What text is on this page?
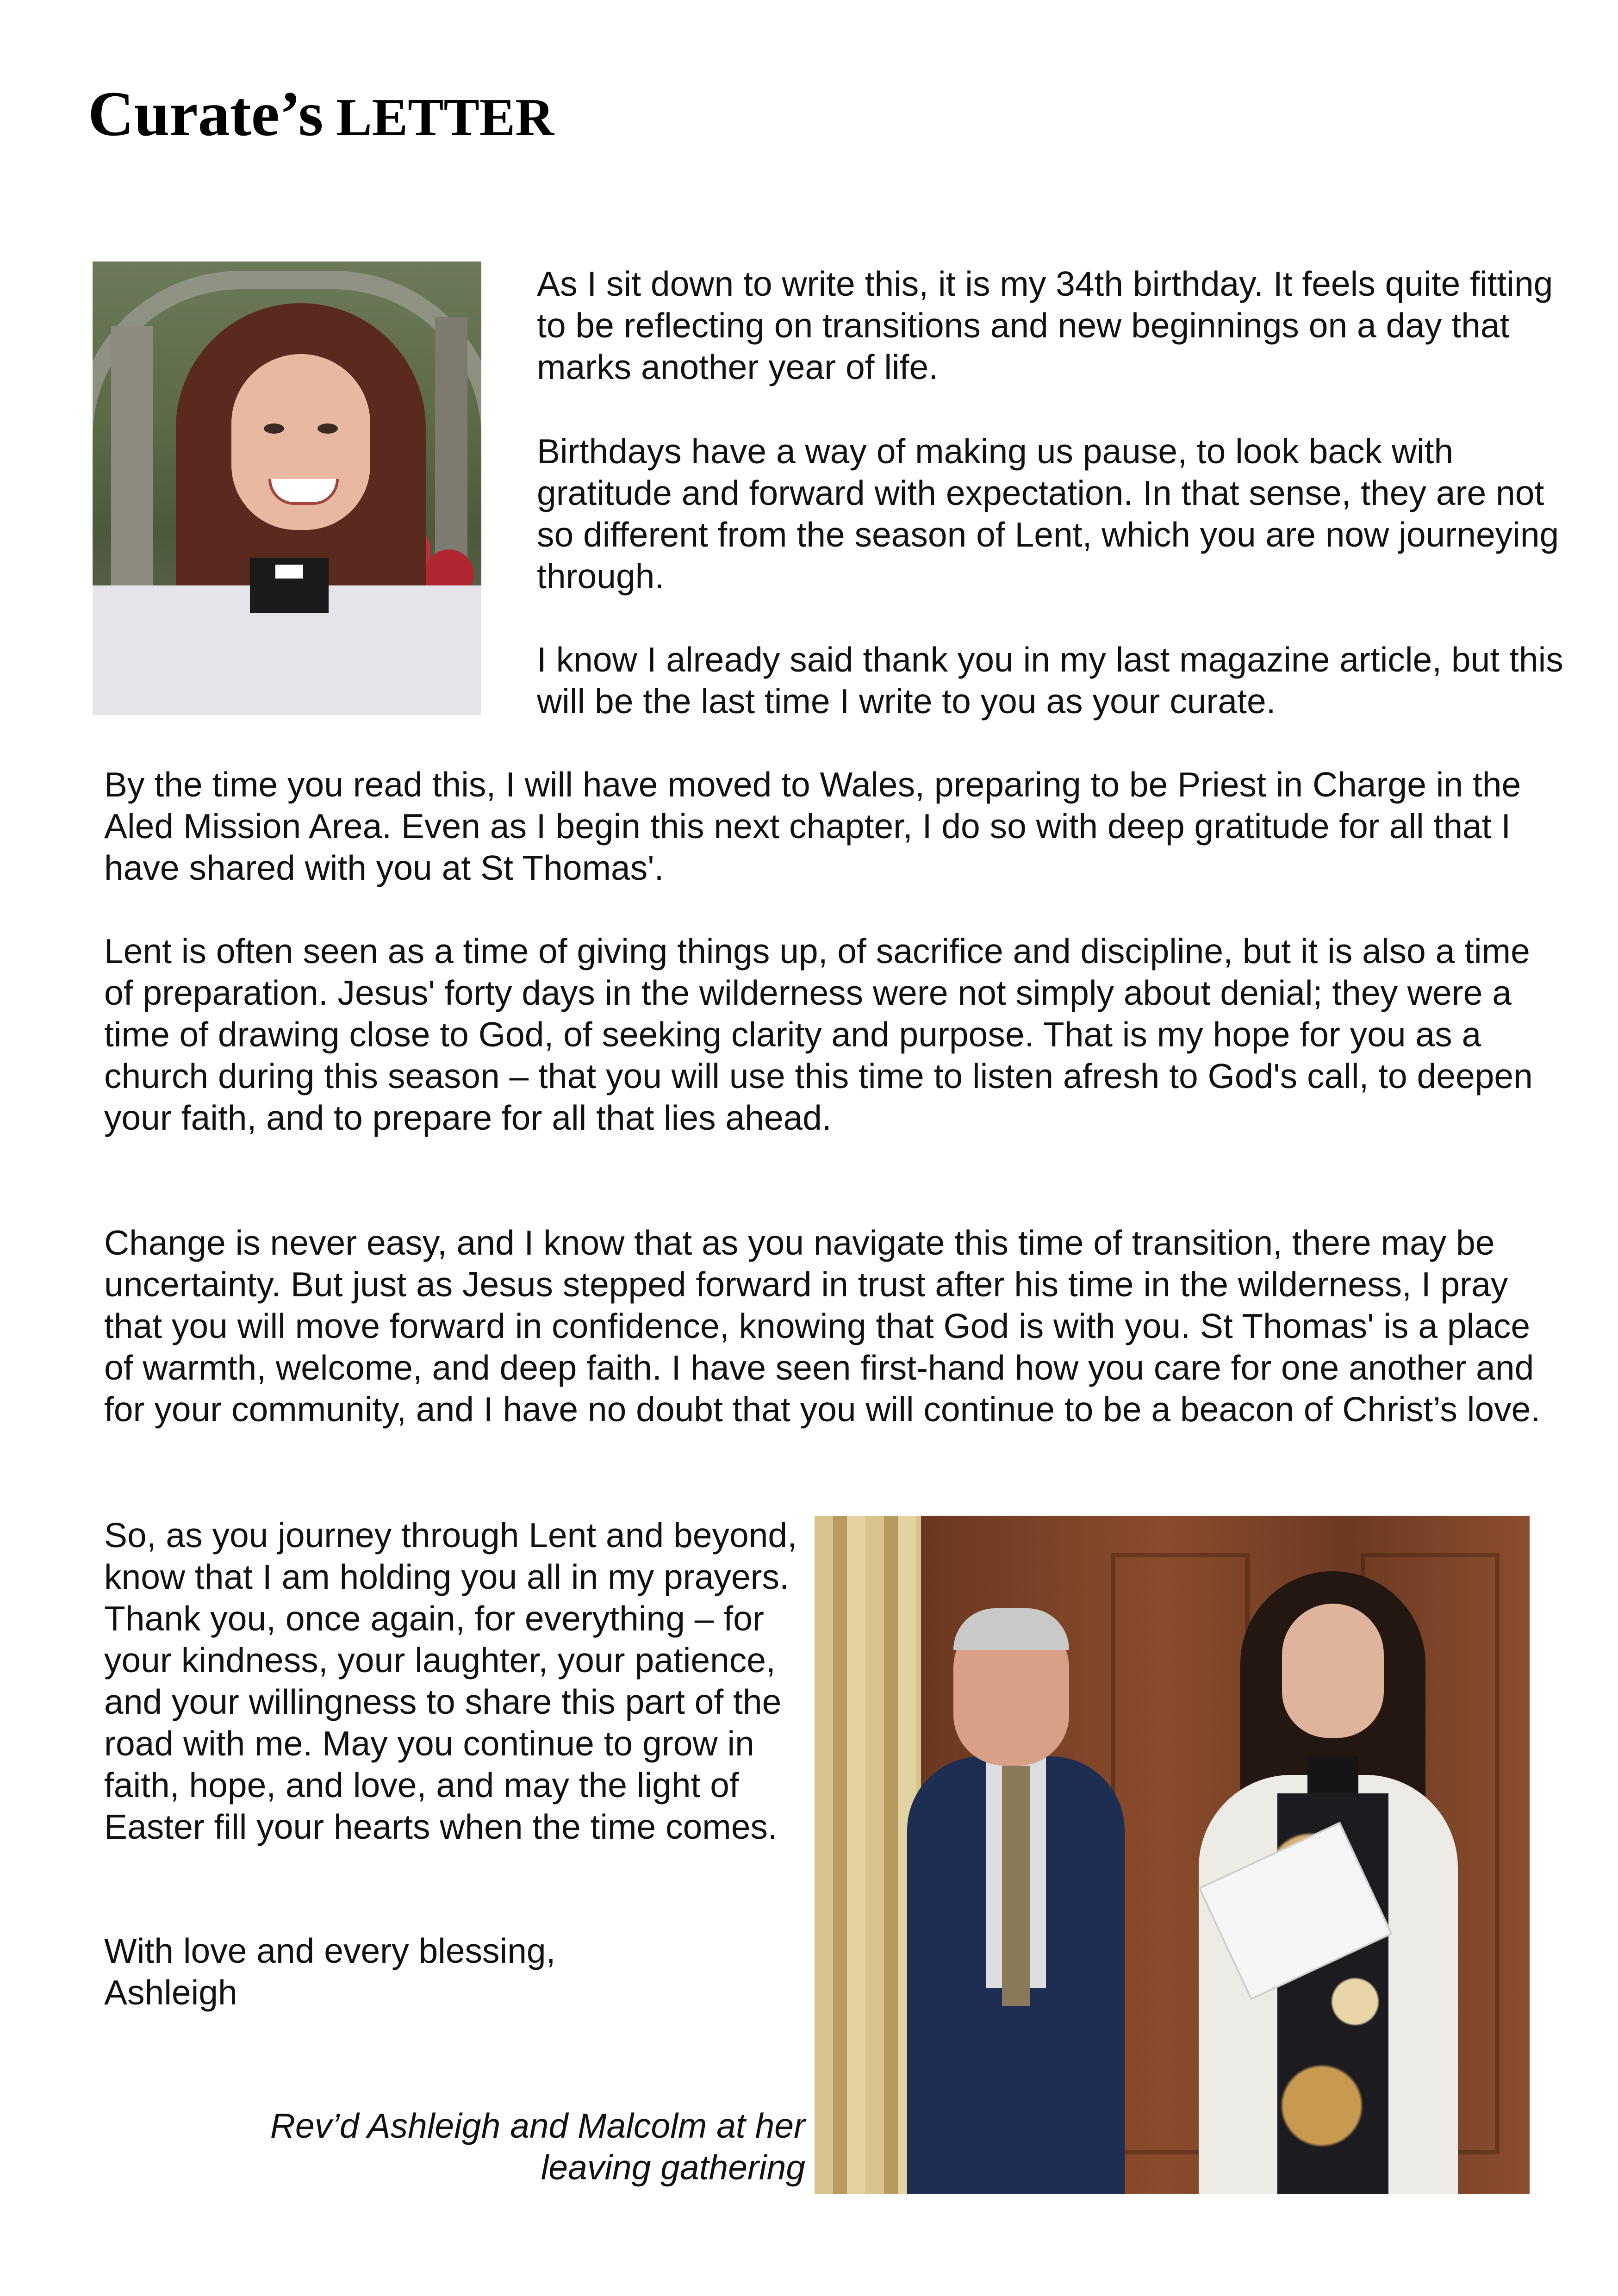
Curate’s LETTER

As I sit down to write this, it is my 34th birthday. It feels quite fitting to be reflecting on transitions and new beginnings on a day that marks another year of life.

Birthdays have a way of making us pause, to look back with gratitude and forward with expectation. In that sense, they are not so different from the season of Lent, which you are now journeying through.

I know I already said thank you in my last magazine article, but this will be the last time I write to you as your curate.

By the time you read this, I will have moved to Wales, preparing to be Priest in Charge in the Aled Mission Area. Even as I begin this next chapter, I do so with deep gratitude for all that I have shared with you at St Thomas'.

Lent is often seen as a time of giving things up, of sacrifice and discipline, but it is also a time of preparation. Jesus' forty days in the wilderness were not simply about denial; they were a time of drawing close to God, of seeking clarity and purpose. That is my hope for you as a church during this season – that you will use this time to listen afresh to God's call, to deepen your faith, and to prepare for all that lies ahead.

Change is never easy, and I know that as you navigate this time of transition, there may be uncertainty. But just as Jesus stepped forward in trust after his time in the wilderness, I pray that you will move forward in confidence, knowing that God is with you. St Thomas' is a place of warmth, welcome, and deep faith. I have seen first-hand how you care for one another and for your community, and I have no doubt that you will continue to be a beacon of Christ’s love.

So, as you journey through Lent and beyond, know that I am holding you all in my prayers. Thank you, once again, for everything – for your kindness, your laughter, your patience, and your willingness to share this part of the road with me. May you continue to grow in faith, hope, and love, and may the light of Easter fill your hearts when the time comes.

With love and every blessing,

Ashleigh

Rev’d Ashleigh and Malcolm at her
leaving gathering
